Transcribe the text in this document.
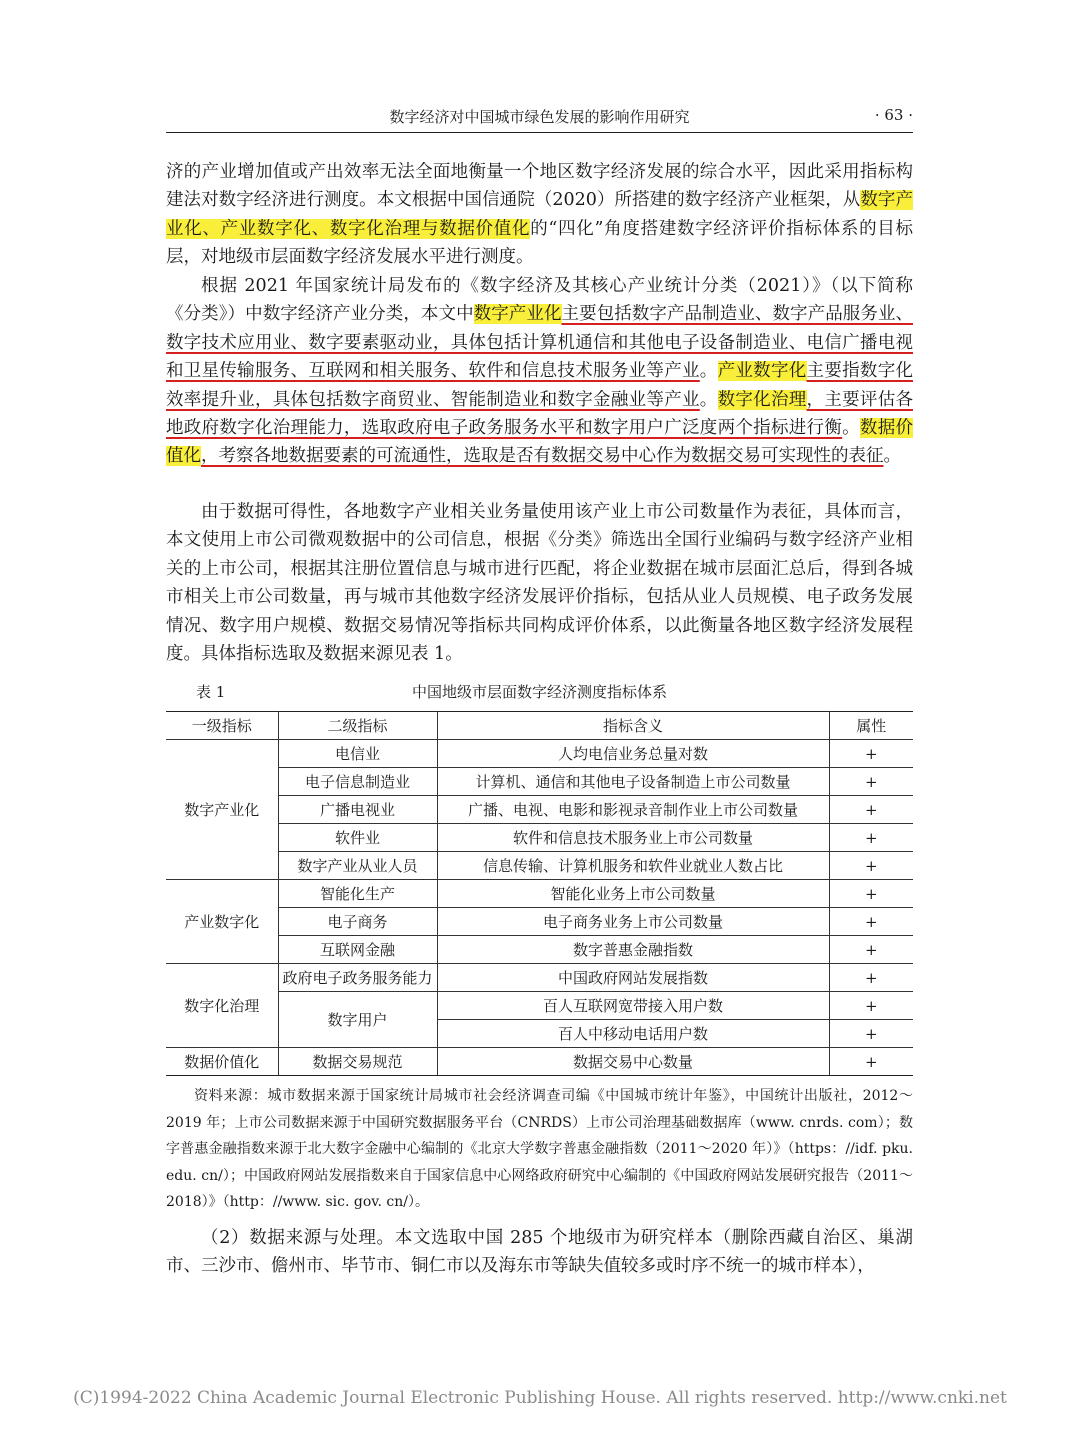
数字经济对中国城市绿色发展的影响作用研究	· 63 ·

济的产业增加值或产出效率无法全面地衡量一个地区数字经济发展的综合水平，因此采用指标构建法对数字经济进行测度。本文根据中国信通院（2020）所搭建的数字经济产业框架，从数字产业化、产业数字化、数字化治理与数据价值化的“四化”角度搭建数字经济评价指标体系的目标层，对地级市层面数字经济发展水平进行测度。

根据 2021 年国家统计局发布的《数字经济及其核心产业统计分类（2021）》（以下简称《分类》）中数字经济产业分类，本文中数字产业化主要包括数字产品制造业、数字产品服务业、数字技术应用业、数字要素驱动业，具体包括计算机通信和其他电子设备制造业、电信广播电视和卫星传输服务、互联网和相关服务、软件和信息技术服务业等产业。产业数字化主要指数字化效率提升业，具体包括数字商贸业、智能制造业和数字金融业等产业。数字化治理，主要评估各地政府数字化治理能力，选取政府电子政务服务水平和数字用户广泛度两个指标进行衡。数据价值化，考察各地数据要素的可流通性，选取是否有数据交易中心作为数据交易可实现性的表征。

由于数据可得性，各地数字产业相关业务量使用该产业上市公司数量作为表征，具体而言，本文使用上市公司微观数据中的公司信息，根据《分类》筛选出全国行业编码与数字经济产业相关的上市公司，根据其注册位置信息与城市进行匹配，将企业数据在城市层面汇总后，得到各城市相关上市公司数量，再与城市其他数字经济发展评价指标，包括从业人员规模、电子政务发展情况、数字用户规模、数据交易情况等指标共同构成评价体系，以此衡量各地区数字经济发展程度。具体指标选取及数据来源见表 1。

表 1	中国地级市层面数字经济测度指标体系
一级指标	二级指标	指标含义	属性
数字产业化	电信业	人均电信业务总量对数	+
	电子信息制造业	计算机、通信和其他电子设备制造上市公司数量	+
	广播电视业	广播、电视、电影和影视录音制作业上市公司数量	+
	软件业	软件和信息技术服务业上市公司数量	+
	数字产业从业人员	信息传输、计算机服务和软件业就业人数占比	+
产业数字化	智能化生产	智能化业务上市公司数量	+
	电子商务	电子商务业务上市公司数量	+
	互联网金融	数字普惠金融指数	+
数字化治理	政府电子政务服务能力	中国政府网站发展指数	+
	数字用户	百人互联网宽带接入用户数	+
		百人中移动电话用户数	+
数据价值化	数据交易规范	数据交易中心数量	+

资料来源：城市数据来源于国家统计局城市社会经济调查司编《中国城市统计年鉴》，中国统计出版社，2012～2019 年；上市公司数据来源于中国研究数据服务平台（CNRDS）上市公司治理基础数据库（www. cnrds. com）；数字普惠金融指数来源于北大数字金融中心编制的《北京大学数字普惠金融指数（2011～2020 年）》（https：//idf. pku. edu. cn/）；中国政府网站发展指数来自于国家信息中心网络政府研究中心编制的《中国政府网站发展研究报告（2011～2018）》（http：//www. sic. gov. cn/）。

（2）数据来源与处理。本文选取中国 285 个地级市为研究样本（删除西藏自治区、巢湖市、三沙市、儋州市、毕节市、铜仁市以及海东市等缺失值较多或时序不统一的城市样本），

(C)1994-2022 China Academic Journal Electronic Publishing House. All rights reserved. http://www.cnki.net
